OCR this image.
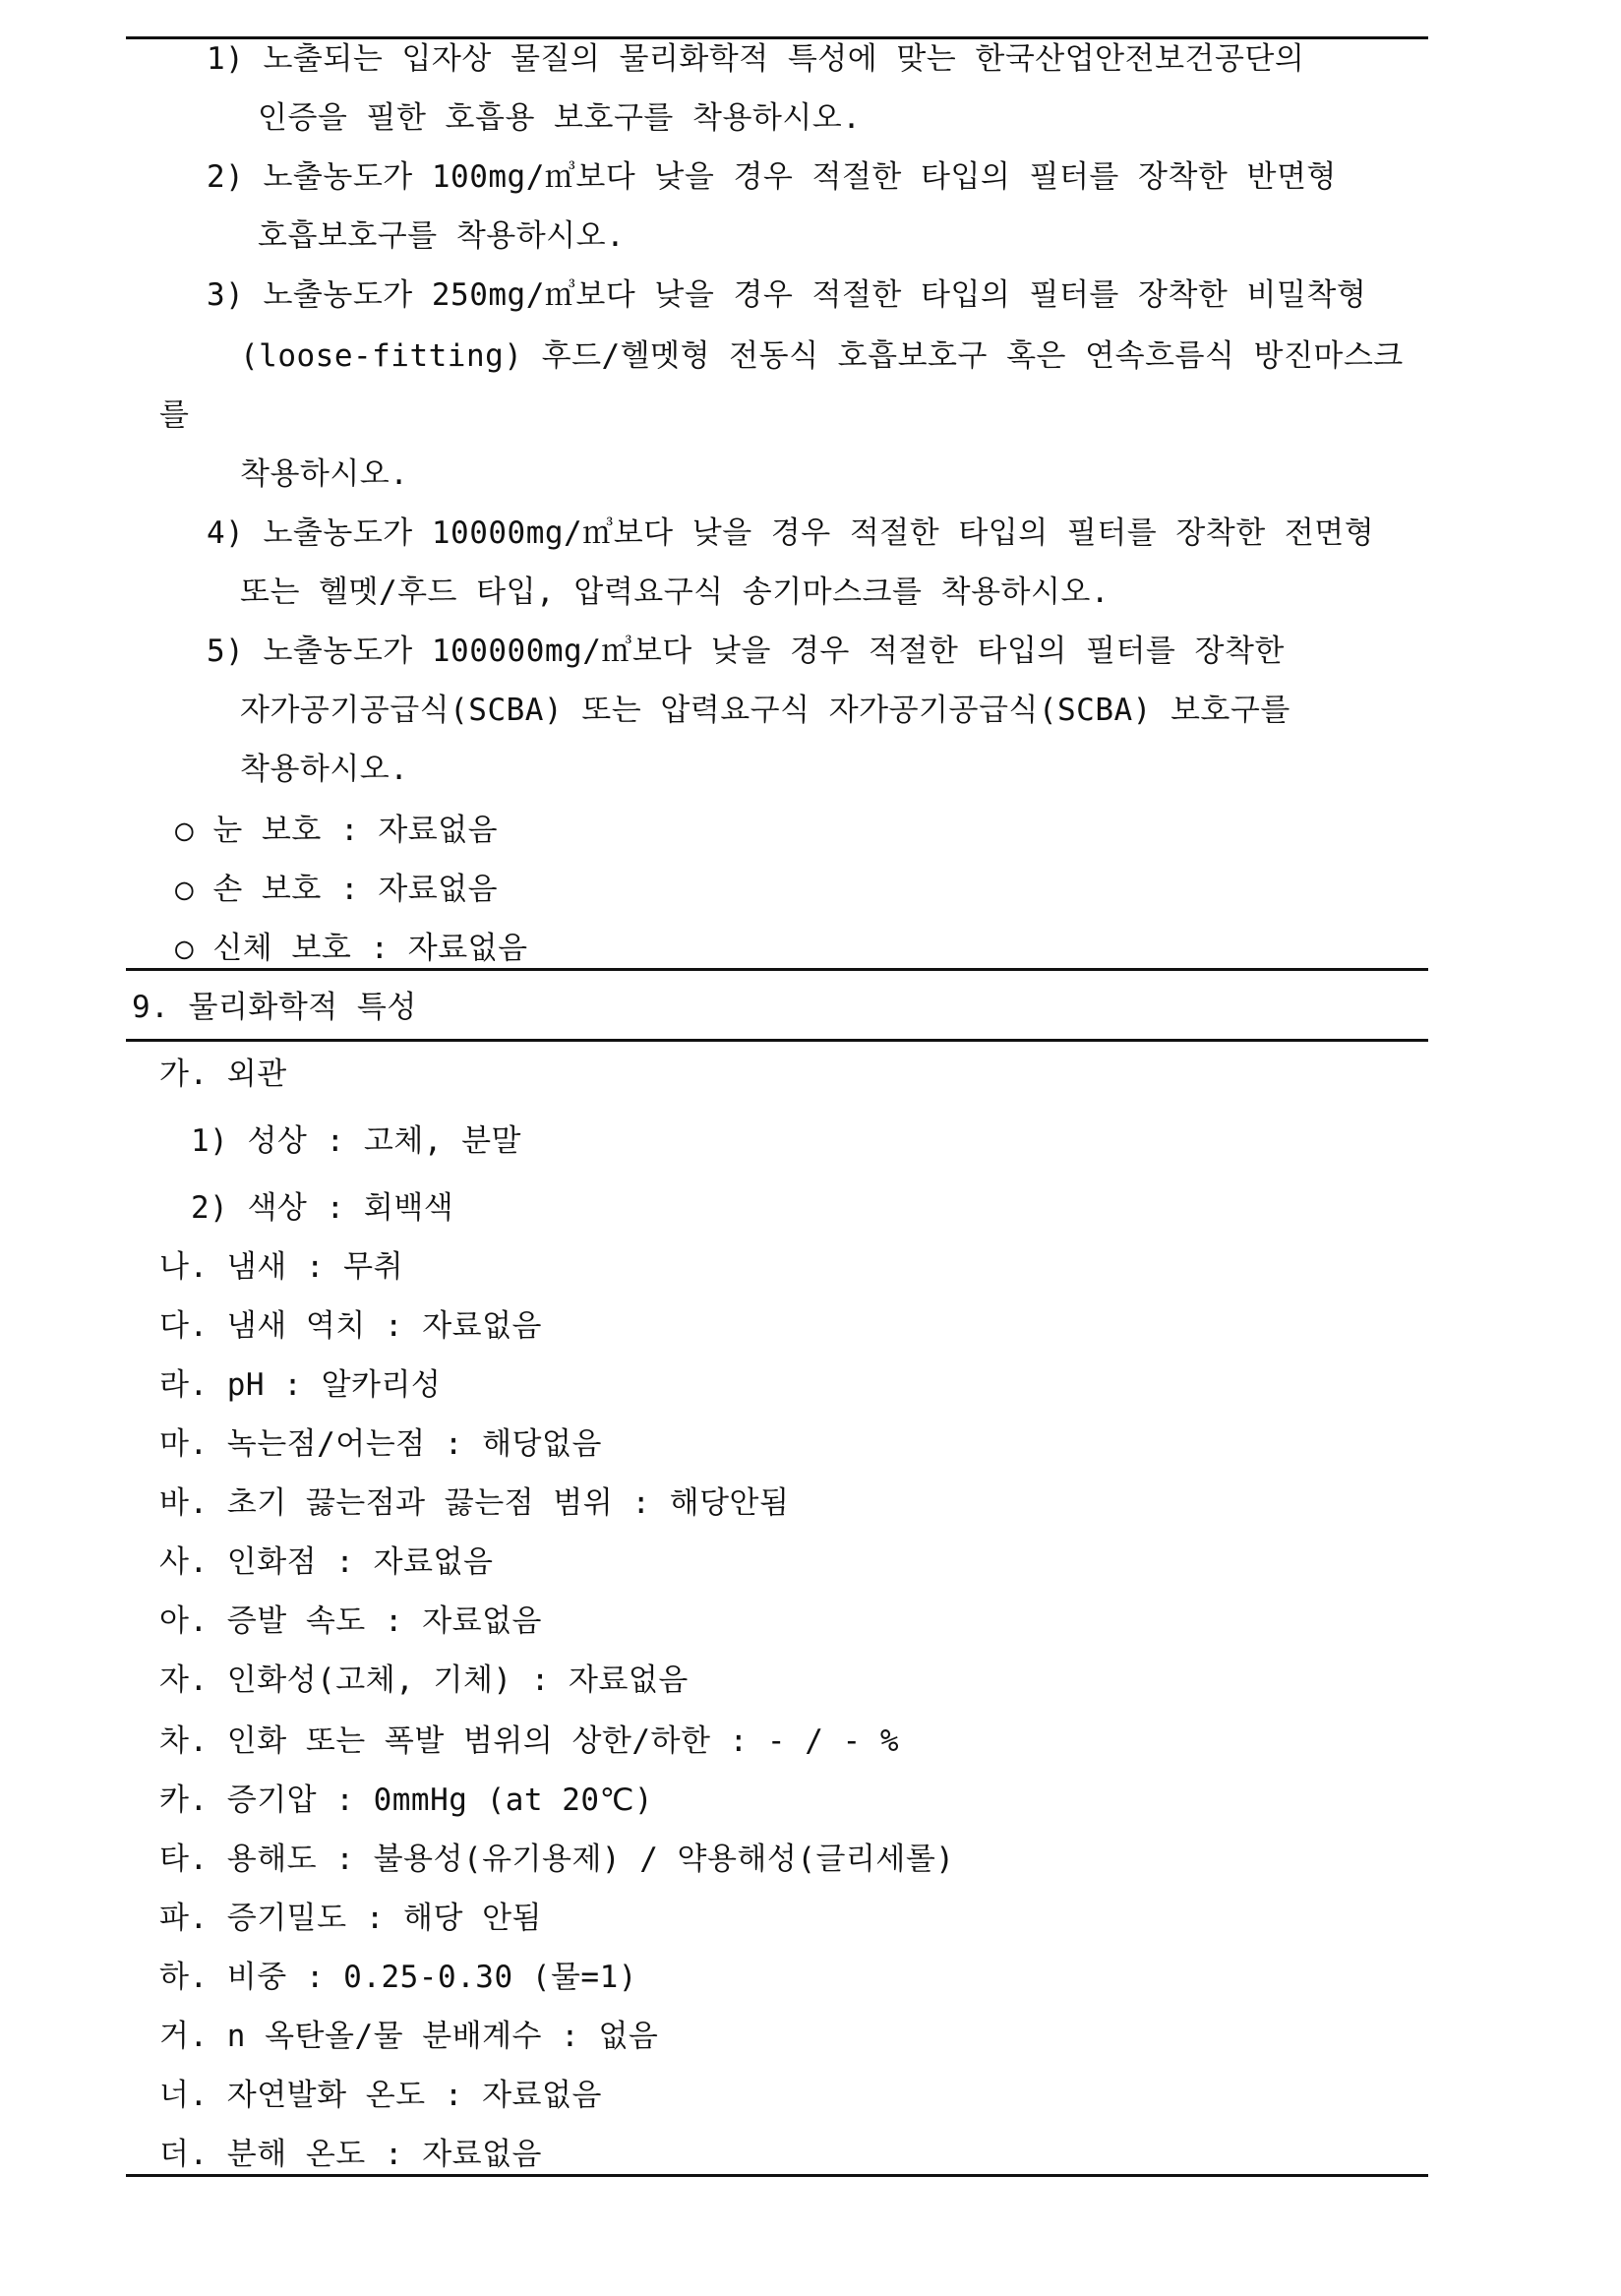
1) 노출되는 입자상 물질의 물리화학적 특성에 맞는 한국산업안전보건공단의
인증을 필한 호흡용 보호구를 착용하시오.
2) 노출농도가 100mg/㎥보다 낮을 경우 적절한 타입의 필터를 장착한 반면형
호흡보호구를 착용하시오.
3) 노출농도가 250mg/㎥보다 낮을 경우 적절한 타입의 필터를 장착한 비밀착형
(loose-fitting) 후드/헬멧형 전동식 호흡보호구 혹은 연속흐름식 방진마스크
를
착용하시오.
4) 노출농도가 10000mg/㎥보다 낮을 경우 적절한 타입의 필터를 장착한 전면형
또는 헬멧/후드 타입, 압력요구식 송기마스크를 착용하시오.
5) 노출농도가 100000mg/㎥보다 낮을 경우 적절한 타입의 필터를 장착한
자가공기공급식(SCBA) 또는 압력요구식 자가공기공급식(SCBA) 보호구를
착용하시오.
○ 눈 보호 : 자료없음
○ 손 보호 : 자료없음
○ 신체 보호 : 자료없음
9. 물리화학적 특성
가. 외관
1) 성상 : 고체, 분말
2) 색상 : 회백색
나. 냄새 : 무취
다. 냄새 역치 : 자료없음
라. pH : 알카리성
마. 녹는점/어는점 : 해당없음
바. 초기 끓는점과 끓는점 범위 : 해당안됨
사. 인화점 : 자료없음
아. 증발 속도 : 자료없음
자. 인화성(고체, 기체) : 자료없음
차. 인화 또는 폭발 범위의 상한/하한 : - / - %
카. 증기압 : 0mmHg (at 20℃)
타. 용해도 : 불용성(유기용제) / 약용해성(글리세롤)
파. 증기밀도 : 해당 안됨
하. 비중 : 0.25-0.30 (물=1)
거. n 옥탄올/물 분배계수 : 없음
너. 자연발화 온도 : 자료없음
더. 분해 온도 : 자료없음
